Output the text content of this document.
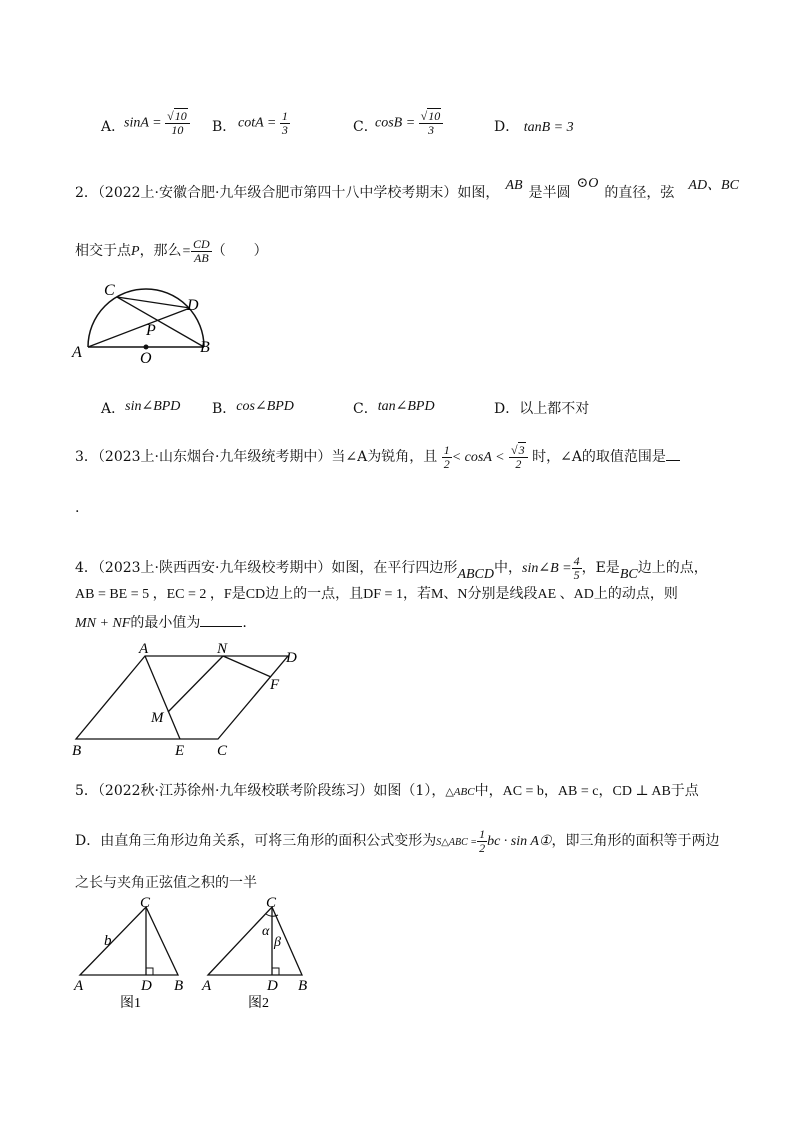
A．
$\sin A = \frac{√10}{10}$ B． $\cot A = \frac{1}{3}$	C．
$\cos B = \frac{√10}{3}$	D． tanB = 3
2．（2022上·安徽合肥·九年级合肥市第四十八中学校考期末）如图， AB 是半圆⊙O的直径，弦 AD、BC
相交于点P，那么= $\frac{CD}{AB}$ （　　）
C
D
P
A	B
O
A．sin∠BPD B．cos∠BPD	C．tan∠BPD	D．以上都不对
3．（2023上·山东烟台·九年级统考期中）当∠A为锐角，且 $\frac{1}{2} < \cos A < \frac{√3}{2}$ 时，∠A的取值范围是
.
4．（2023上·陕西西安·九年级校考期中）如图，在平行四边形ABCD中，sin∠B = $\frac{4}{5}$ ，E是BC边上的点，
AB = BE = 5 ，EC = 2 ，F是CD边上的一点，且DF = 1，若M、N分别是线段AE 、AD上的动点，则
MN + NF的最小值为	.
A	N
D
F
M
B	E C
5．（2022秋·江苏徐州·九年级校联考阶段练习）如图（1），△ABC中，AC = b，AB = c，CD ⊥ AB于点
D．由直角三角形边角关系，可将三角形的面积公式变形为S△ABC = $\frac{1}{2}$ bc · sin A①，即三角形的面积等于两边
之长与夹角正弦值之积的一半
C
b
A	D B
图1
C
α
β
A	D B
图2
